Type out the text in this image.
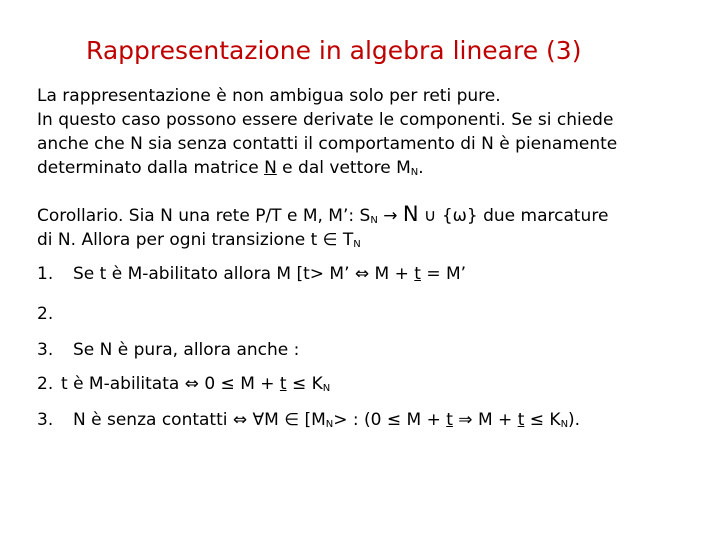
Rappresentazione in algebra lineare (3)
La rappresentazione è non ambigua solo per reti pure.
In questo caso possono essere derivate le componenti. Se si chiede
anche che N sia senza contatti il comportamento di N è pienamente
determinato dalla matrice N e dal vettore $M_N$.
Corollario. Sia N una rete P/T e M, M’: $S_N \to N$ ∪ {ω} due marcature
di N. Allora per ogni transizione t ∈ $T_N$
1. Se t è M-abilitato allora M [t> M’ ⇔ M + t = M’
2.
3. Se N è pura, allora anche :
2. t è M-abilitata ⇔ $0 \le M + t \le K_N$
3. N è senza contatti ⇔ ∀M ∈ [$M_N>$ : (0 ≤ M + t ⇒ $M + t \le K_N$).
